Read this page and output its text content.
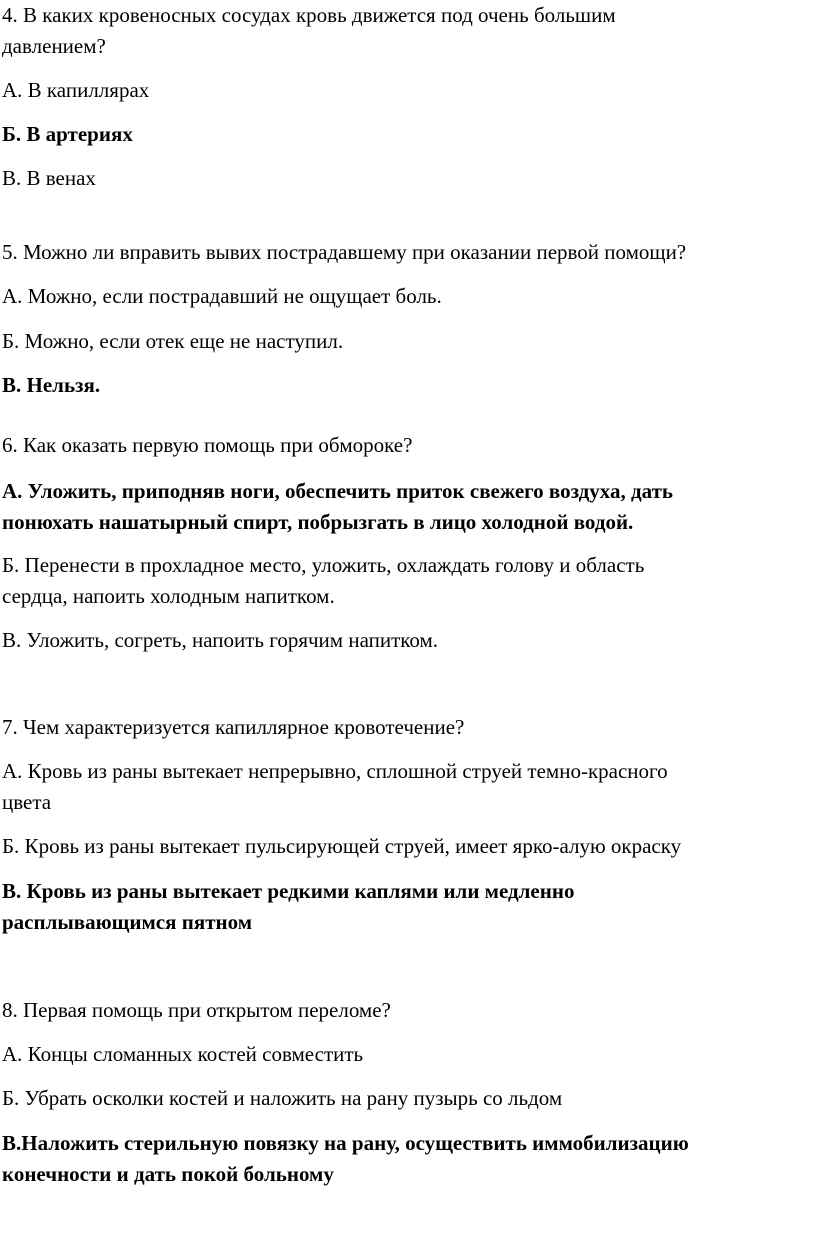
4. В каких кровеносных сосудах кровь движется под очень большим
давлением?
А. В капиллярах
Б. В артериях
В. В венах
5. Можно ли вправить вывих пострадавшему при оказании первой помощи?
А. Можно, если пострадавший не ощущает боль.
Б. Можно, если отек еще не наступил.
В. Нельзя.
6. Как оказать первую помощь при обмороке?
А. Уложить, приподняв ноги, обеспечить приток свежего воздуха, дать
понюхать нашатырный спирт, побрызгать в лицо холодной водой.
Б. Перенести в прохладное место, уложить, охлаждать голову и область
сердца, напоить холодным напитком.
В. Уложить, согреть, напоить горячим напитком.
7. Чем характеризуется капиллярное кровотечение?
А. Кровь из раны вытекает непрерывно, сплошной струей темно-красного
цвета
Б. Кровь из раны вытекает пульсирующей струей, имеет ярко-алую окраску
В. Кровь из раны вытекает редкими каплями или медленно
расплывающимся пятном
8. Первая помощь при открытом переломе?
А. Концы сломанных костей совместить
Б. Убрать осколки костей и наложить на рану пузырь со льдом
В.Наложить стерильную повязку на рану, осуществить иммобилизацию
конечности и дать покой больному
